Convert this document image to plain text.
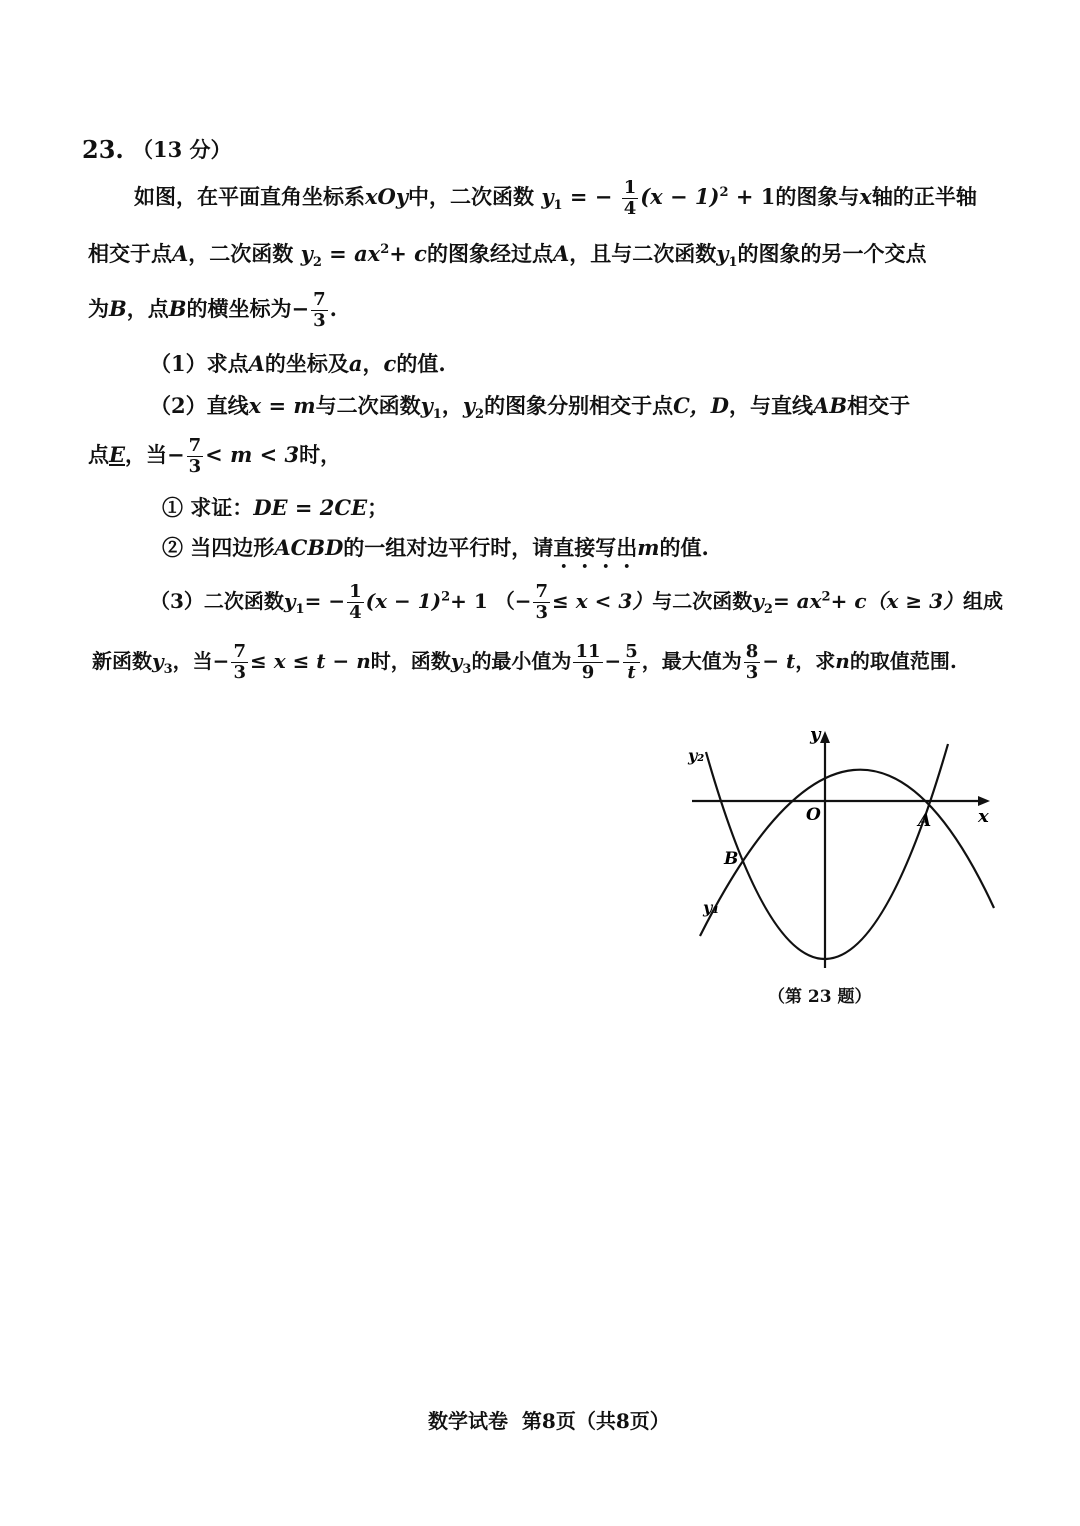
23. （13 分）
如图，在平面直角坐标系xOy中，二次函数 $y_1$ = − $\frac{1}{4} (x - 1)^2 + 1$的图象与x轴的正半轴
相交于点A，二次函数 $y_2 = ax^2+ c$的图象经过点A，且与二次函数$y_1$的图象的另一个交点
为B，点B的横坐标为− $\frac{7}{3}$ .
（1）求点A的坐标及a，c的值.
（2）直线x = m与二次函数$y_1$，$y_2$的图象分别相交于点C，D，与直线AB相交于
点E，当− $\frac{7}{3} < m < 3$时，
① 求证：DE = 2CE；
② 当四边形ACBD的一组对边平行时，请直接写出m的值.
（3）二次函数$y_1= - \frac{1}{4} (x - 1)^2+ 1$ （− $\frac{7}{3} \le x < 3$）与二次函数$y_2= ax^2+ c(x \ge 3)$组成
新函数$y_3$，当− $\frac{7}{3} \le x \le t - n$时，函数$y_3$的最小值为 $\frac{11}{9} - \frac{5}{t}$ ，最大值为 $\frac{8}{3} - t$，求n的取值范围.
y
x
O	A
B
y₁
y₂
（第 23 题）
数学试卷  第8页（共8页）
